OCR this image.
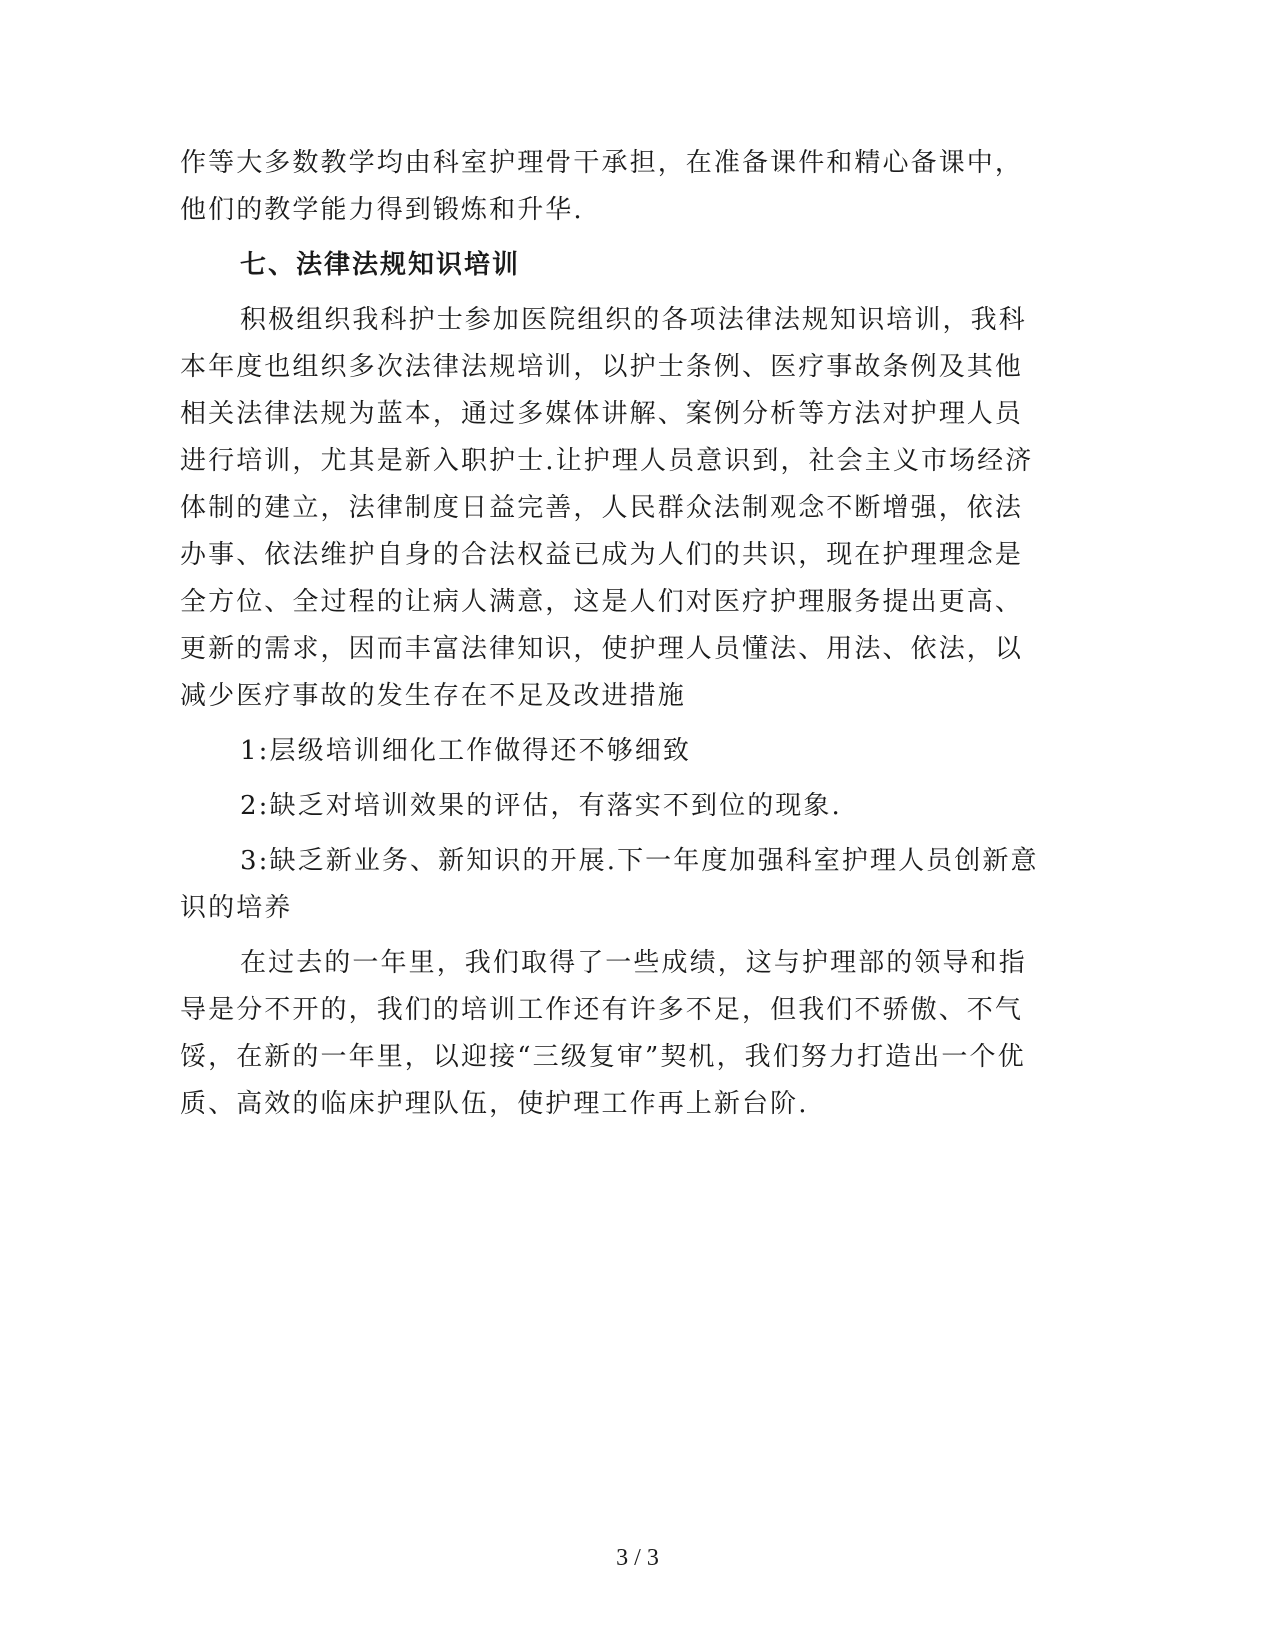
作等大多数教学均由科室护理骨干承担，在准备课件和精心备课中，他们的教学能力得到锻炼和升华.

七、法律法规知识培训

积极组织我科护士参加医院组织的各项法律法规知识培训，我科本年度也组织多次法律法规培训，以护士条例、医疗事故条例及其他相关法律法规为蓝本，通过多媒体讲解、案例分析等方法对护理人员进行培训，尤其是新入职护士.让护理人员意识到，社会主义市场经济体制的建立，法律制度日益完善，人民群众法制观念不断增强，依法办事、依法维护自身的合法权益已成为人们的共识，现在护理理念是全方位、全过程的让病人满意，这是人们对医疗护理服务提出更高、更新的需求，因而丰富法律知识，使护理人员懂法、用法、依法，以减少医疗事故的发生存在不足及改进措施

1:层级培训细化工作做得还不够细致

2:缺乏对培训效果的评估，有落实不到位的现象.

3:缺乏新业务、新知识的开展.下一年度加强科室护理人员创新意识的培养

在过去的一年里，我们取得了一些成绩，这与护理部的领导和指导是分不开的，我们的培训工作还有许多不足，但我们不骄傲、不气馁，在新的一年里，以迎接“三级复审”契机，我们努力打造出一个优质、高效的临床护理队伍，使护理工作再上新台阶.

3 / 3
